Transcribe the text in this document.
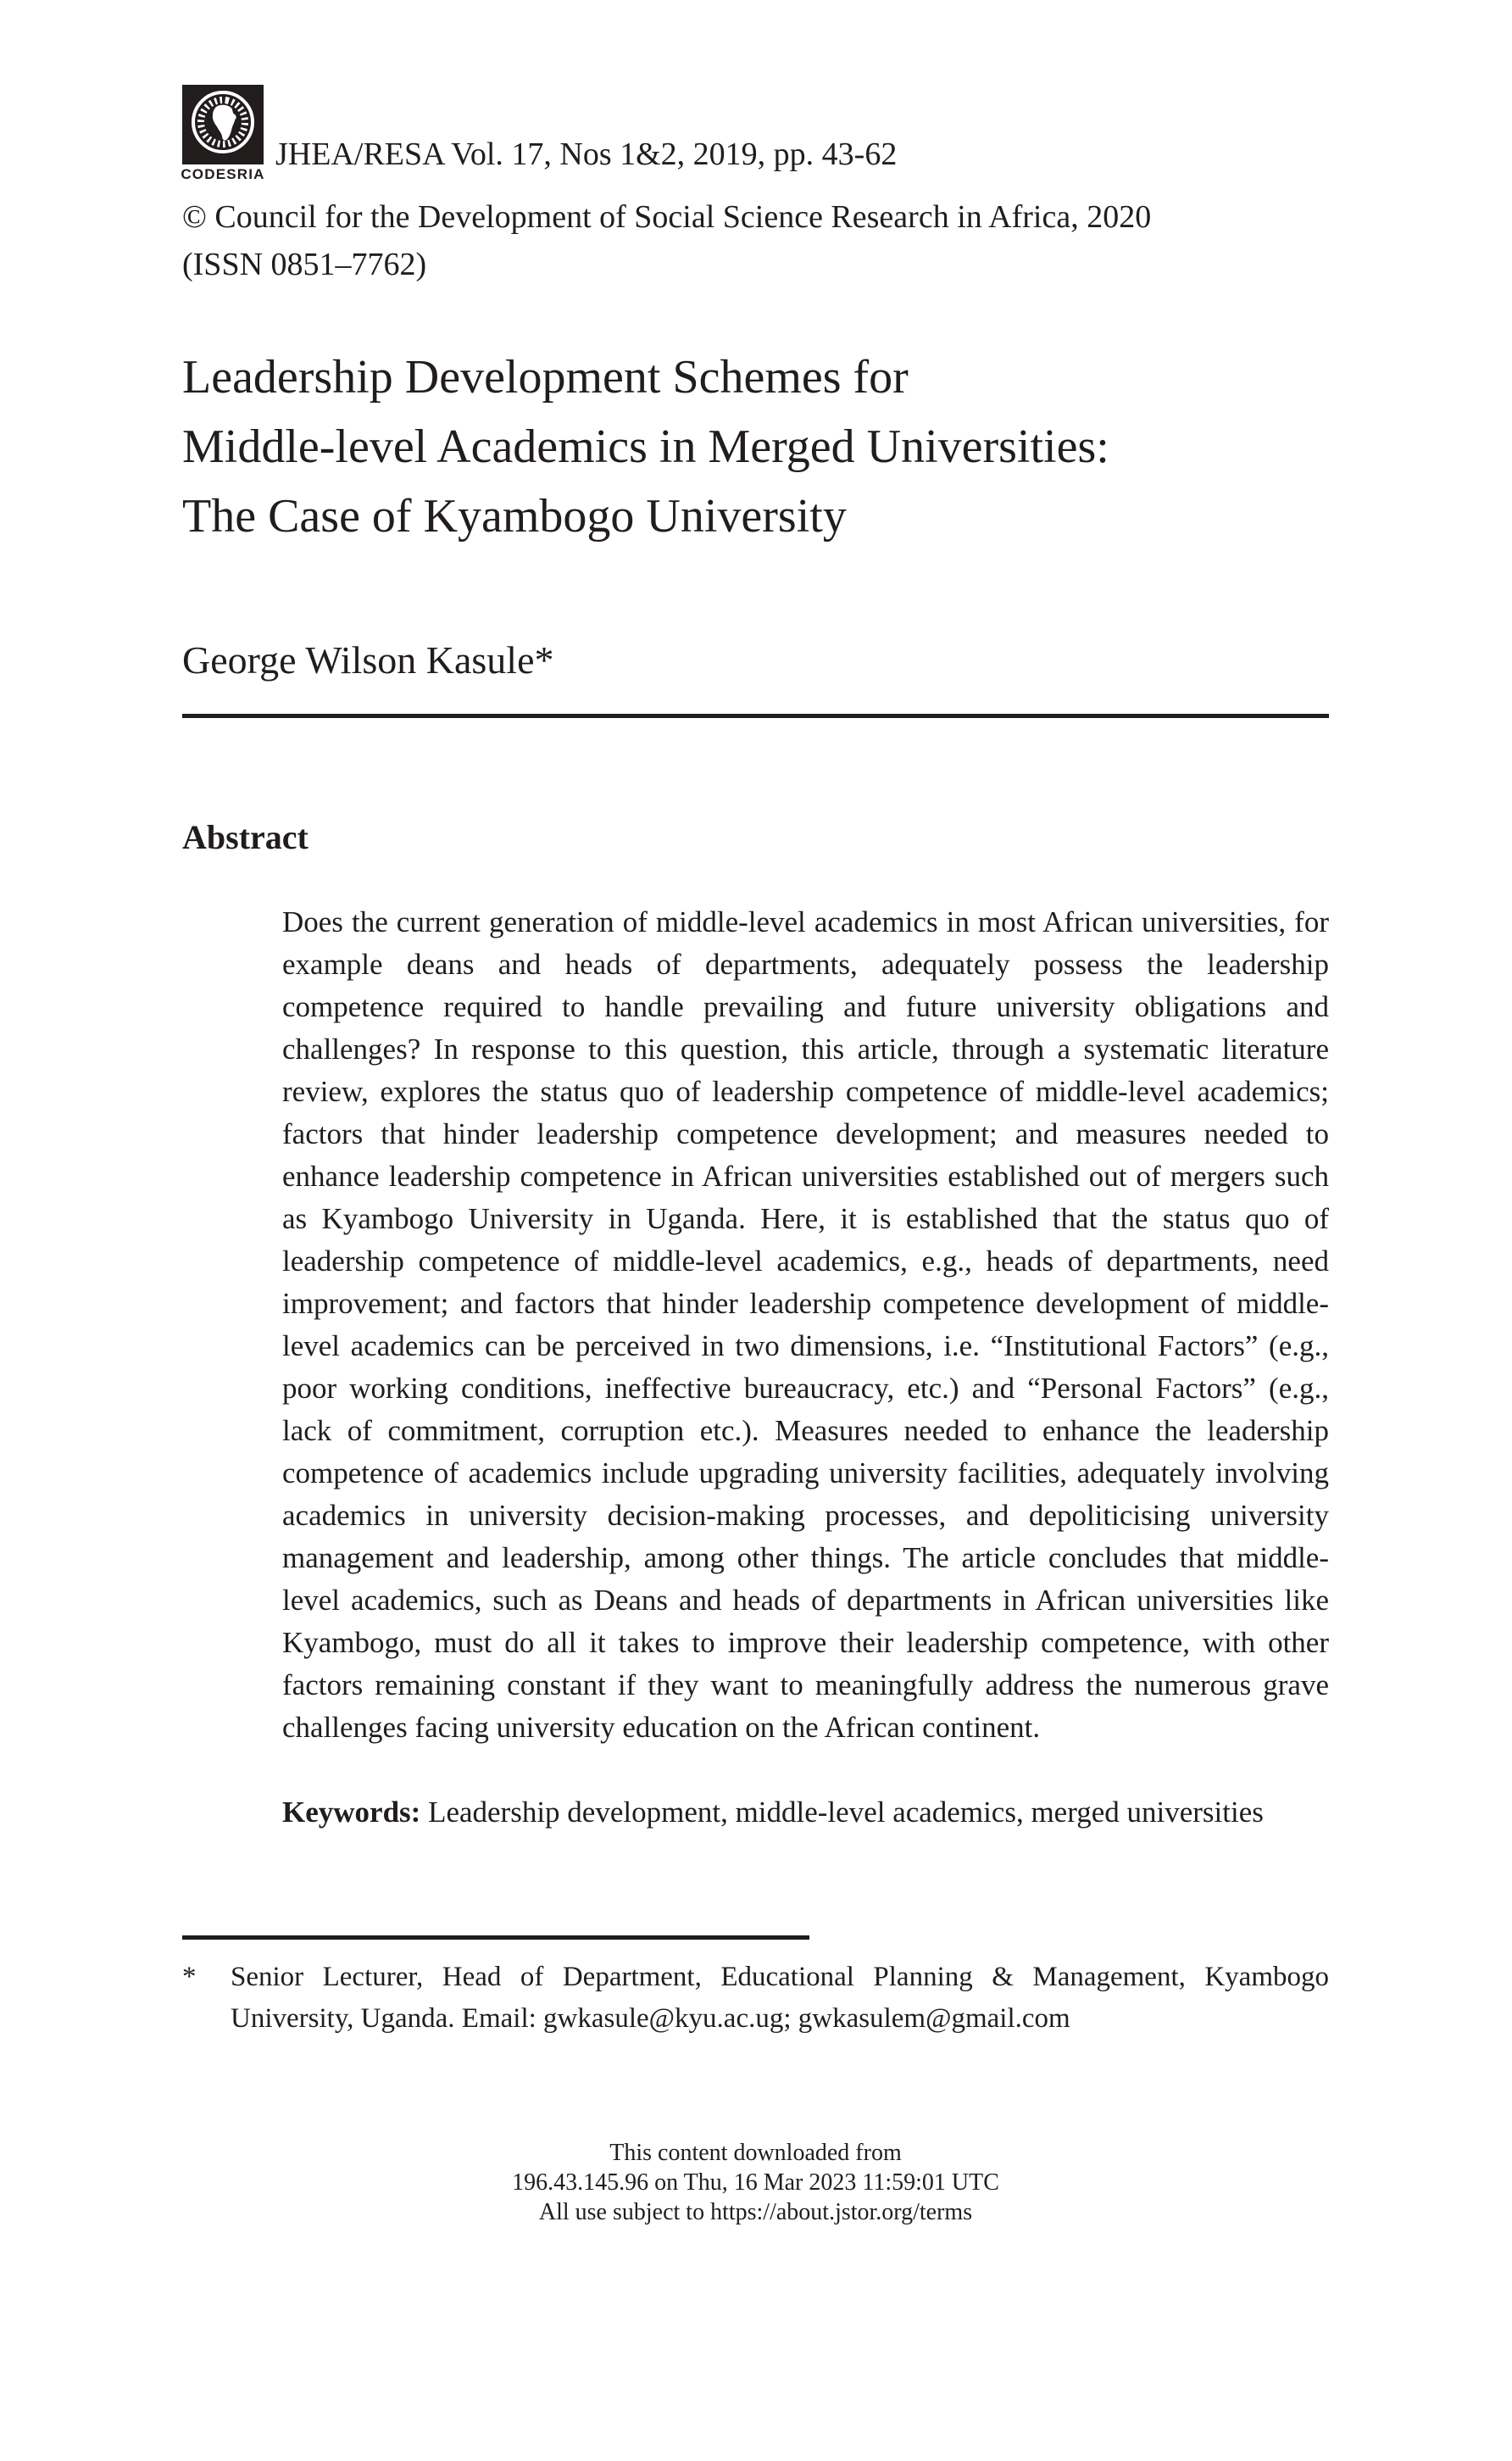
CODESRIA
JHEA/RESA Vol. 17, Nos 1&2, 2019, pp. 43-62
© Council for the Development of Social Science Research in Africa, 2020
(ISSN 0851–7762)
Leadership Development Schemes for
Middle-level Academics in Merged Universities:
The Case of Kyambogo University
George Wilson Kasule*
Abstract

Does the current generation of middle-level academics in most African universities, for example deans and heads of departments, adequately possess the leadership competence required to handle prevailing and future university obligations and challenges? In response to this question, this article, through a systematic literature review, explores the status quo of leadership competence of middle-level academics; factors that hinder leadership competence development; and measures needed to enhance leadership competence in African universities established out of mergers such as Kyambogo University in Uganda. Here, it is established that the status quo of leadership competence of middle-level academics, e.g., heads of departments, need improvement; and factors that hinder leadership competence development of middle-level academics can be perceived in two dimensions, i.e. “Institutional Factors” (e.g., poor working conditions, ineffective bureaucracy, etc.) and “Personal Factors” (e.g., lack of commitment, corruption etc.). Measures needed to enhance the leadership competence of academics include upgrading university facilities, adequately involving academics in university decision-making processes, and depoliticising university management and leadership, among other things. The article concludes that middle-level academics, such as Deans and heads of departments in African universities like Kyambogo, must do all it takes to improve their leadership competence, with other factors remaining constant if they want to meaningfully address the numerous grave challenges facing university education on the African continent.

Keywords: Leadership development, middle-level academics, merged universities

*	Senior Lecturer, Head of Department, Educational Planning & Management, Kyambogo University, Uganda. Email: gwkasule@kyu.ac.ug; gwkasulem@gmail.com
This content downloaded from
196.43.145.96 on Thu, 16 Mar 2023 11:59:01 UTC
All use subject to https://about.jstor.org/terms
